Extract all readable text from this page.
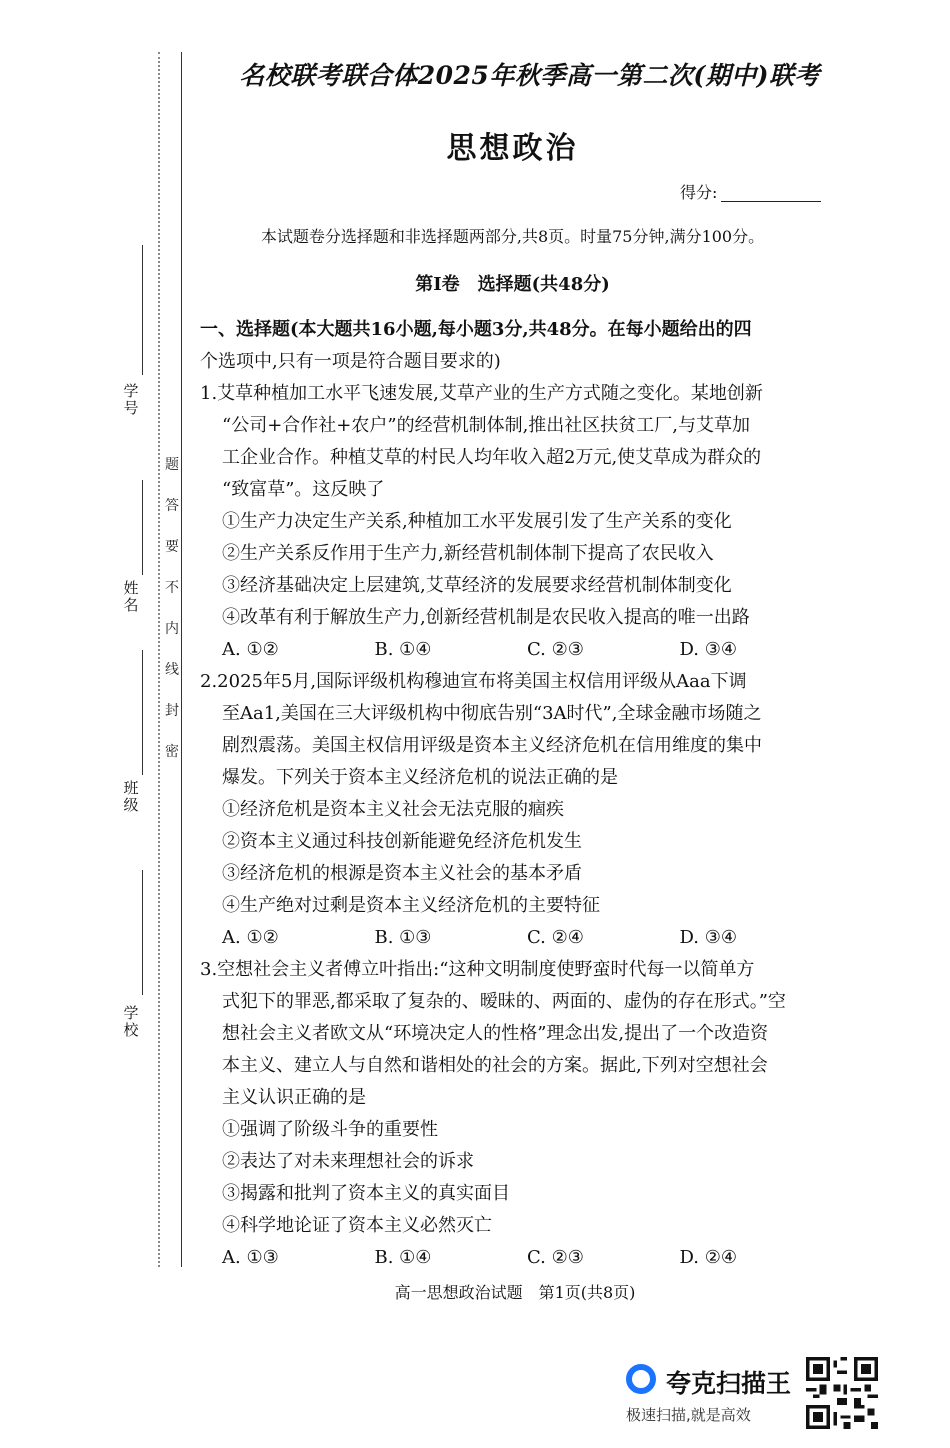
学号
姓名
班级
学校
题
答
要
不
内
线
封
密
名校联考联合体2025年秋季高一第二次(期中)联考
思想政治
得分:
本试题卷分选择题和非选择题两部分,共8页。时量75分钟,满分100分。
第Ⅰ卷　选择题(共48分)
一、选择题(本大题共16小题,每小题3分,共48分。在每小题给出的四
个选项中,只有一项是符合题目要求的)
1.艾草种植加工水平飞速发展,艾草产业的生产方式随之变化。某地创新
“公司+合作社+农户”的经营机制体制,推出社区扶贫工厂,与艾草加
工企业合作。种植艾草的村民人均年收入超2万元,使艾草成为群众的
“致富草”。这反映了
①生产力决定生产关系,种植加工水平发展引发了生产关系的变化
②生产关系反作用于生产力,新经营机制体制下提高了农民收入
③经济基础决定上层建筑,艾草经济的发展要求经营机制体制变化
④改革有利于解放生产力,创新经营机制是农民收入提高的唯一出路
A. ①②	B. ①④	C. ②③	D. ③④
2.2025年5月,国际评级机构穆迪宣布将美国主权信用评级从Aaa下调
至Aa1,美国在三大评级机构中彻底告别“3A时代”,全球金融市场随之
剧烈震荡。美国主权信用评级是资本主义经济危机在信用维度的集中
爆发。下列关于资本主义经济危机的说法正确的是
①经济危机是资本主义社会无法克服的痼疾
②资本主义通过科技创新能避免经济危机发生
③经济危机的根源是资本主义社会的基本矛盾
④生产绝对过剩是资本主义经济危机的主要特征
A. ①②	B. ①③	C. ②④	D. ③④
3.空想社会主义者傅立叶指出:“这种文明制度使野蛮时代每一以简单方
式犯下的罪恶,都采取了复杂的、暧昧的、两面的、虚伪的存在形式。”空
想社会主义者欧文从“环境决定人的性格”理念出发,提出了一个改造资
本主义、建立人与自然和谐相处的社会的方案。据此,下列对空想社会
主义认识正确的是
①强调了阶级斗争的重要性
②表达了对未来理想社会的诉求
③揭露和批判了资本主义的真实面目
④科学地论证了资本主义必然灭亡
A. ①③	B. ①④	C. ②③	D. ②④
高一思想政治试题　第1页(共8页)
夸克扫描王
极速扫描,就是高效
